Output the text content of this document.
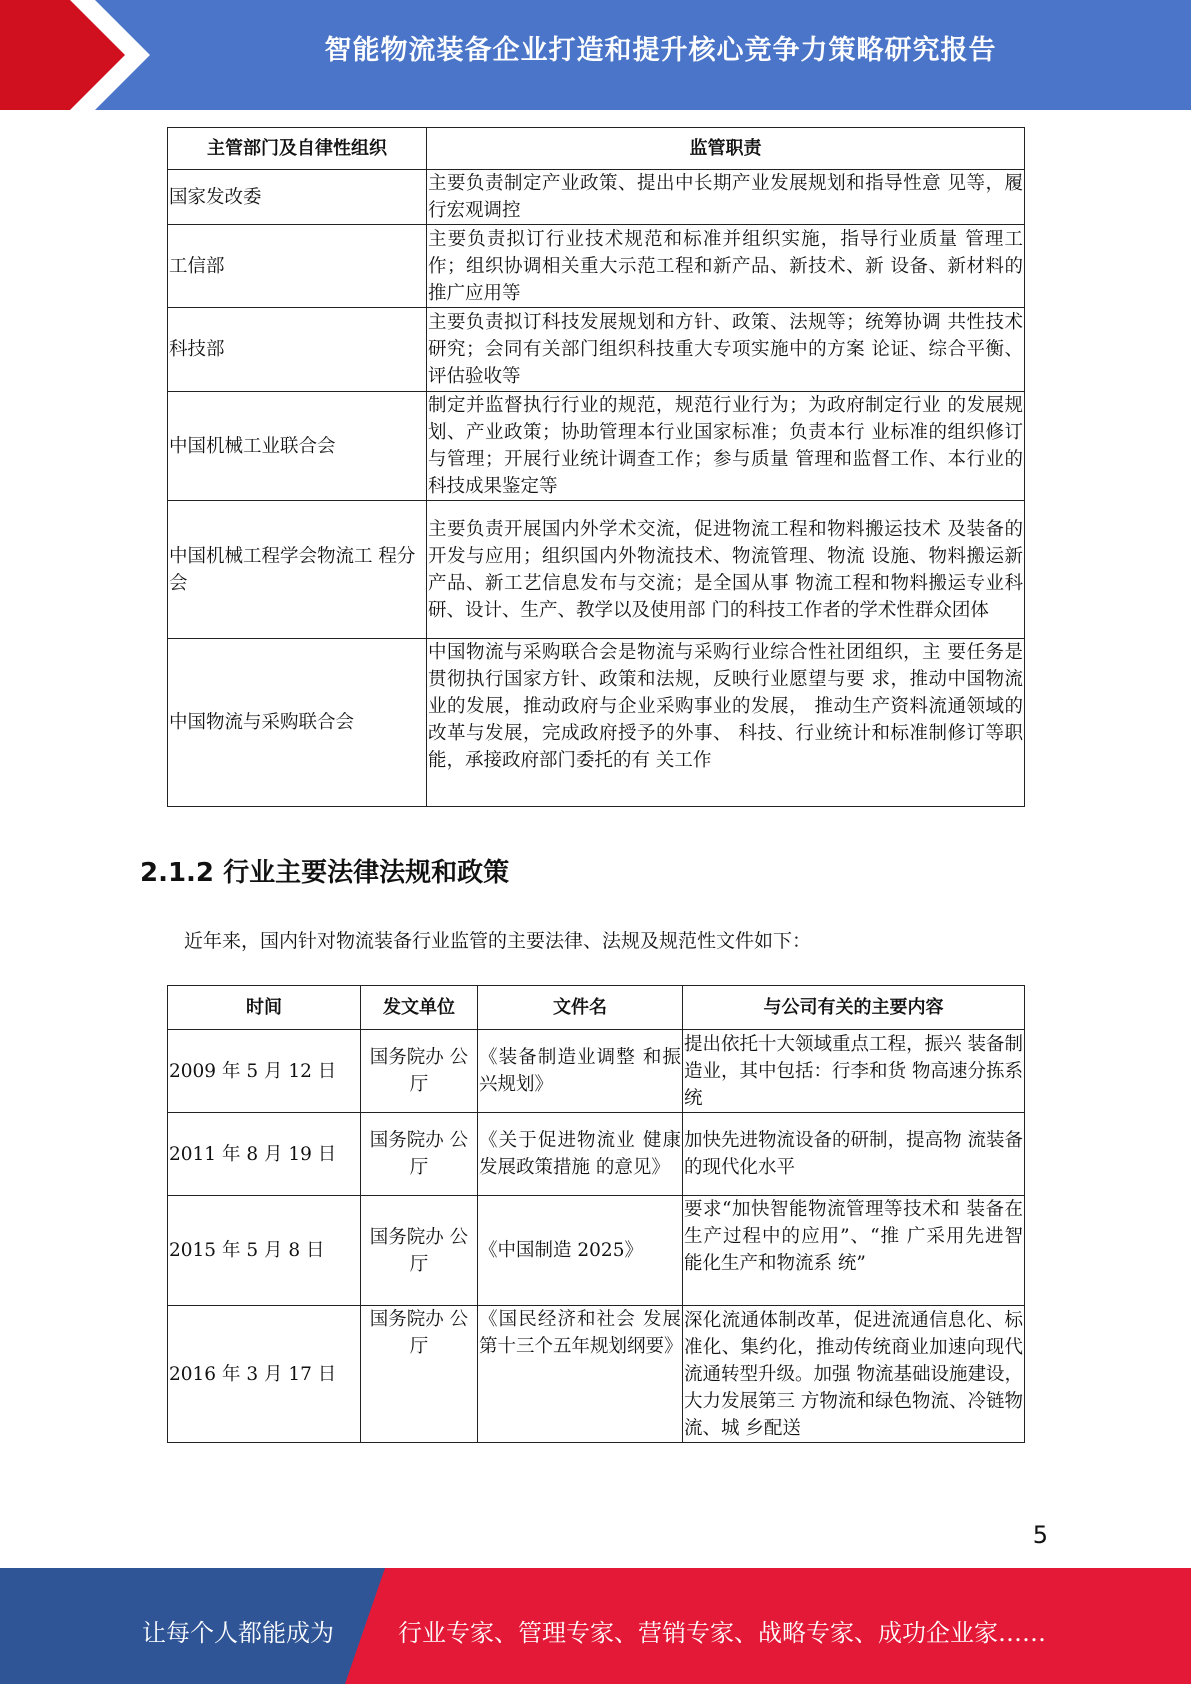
智能物流装备企业打造和提升核心竞争力策略研究报告
主管部门及自律性组织	监管职责
国家发改委	主要负责制定产业政策、提出中长期产业发展规划和指导性意 见等，履行宏观调控
工信部	主要负责拟订行业技术规范和标准并组织实施，指导行业质量 管理工作；组织协调相关重大示范工程和新产品、新技术、新 设备、新材料的推广应用等
科技部	主要负责拟订科技发展规划和方针、政策、法规等；统筹协调 共性技术研究；会同有关部门组织科技重大专项实施中的方案 论证、综合平衡、评估验收等
中国机械工业联合会	制定并监督执行行业的规范，规范行业行为；为政府制定行业 的发展规划、产业政策；协助管理本行业国家标准；负责本行 业标准的组织修订与管理；开展行业统计调查工作；参与质量 管理和监督工作、本行业的科技成果鉴定等
中国机械工程学会物流工 程分会	主要负责开展国内外学术交流，促进物流工程和物料搬运技术 及装备的开发与应用；组织国内外物流技术、物流管理、物流 设施、物料搬运新产品、新工艺信息发布与交流；是全国从事 物流工程和物料搬运专业科研、设计、生产、教学以及使用部 门的科技工作者的学术性群众团体
中国物流与采购联合会	中国物流与采购联合会是物流与采购行业综合性社团组织，主 要任务是贯彻执行国家方针、政策和法规，反映行业愿望与要 求，推动中国物流业的发展，推动政府与企业采购事业的发展， 推动生产资料流通领域的改革与发展，完成政府授予的外事、 科技、行业统计和标准制修订等职能，承接政府部门委托的有 关工作
2.1.2 行业主要法律法规和政策
近年来，国内针对物流装备行业监管的主要法律、法规及规范性文件如下：
时间	发文单位	文件名	与公司有关的主要内容
2009 年 5 月 12 日	国务院办 公厅	《装备制造业调整 和振兴规划》	提出依托十大领域重点工程，振兴 装备制造业，其中包括：行李和货 物高速分拣系统
2011 年 8 月 19 日	国务院办 公厅	《关于促进物流业 健康发展政策措施 的意见》	加快先进物流设备的研制，提高物 流装备的现代化水平
2015 年 5 月 8 日	国务院办 公厅	《中国制造 2025》	要求“加快智能物流管理等技术和 装备在生产过程中的应用”、“推 广采用先进智能化生产和物流系 统”
2016 年 3 月 17 日	国务院办 公厅	《国民经济和社会 发展第十三个五年规划纲要》	深化流通体制改革，促进流通信息化、标准化、集约化，推动传统商业加速向现代流通转型升级。加强 物流基础设施建设，大力发展第三 方物流和绿色物流、冷链物流、城 乡配送
5
让每个人都能成为	行业专家、管理专家、营销专家、战略专家、成功企业家……
